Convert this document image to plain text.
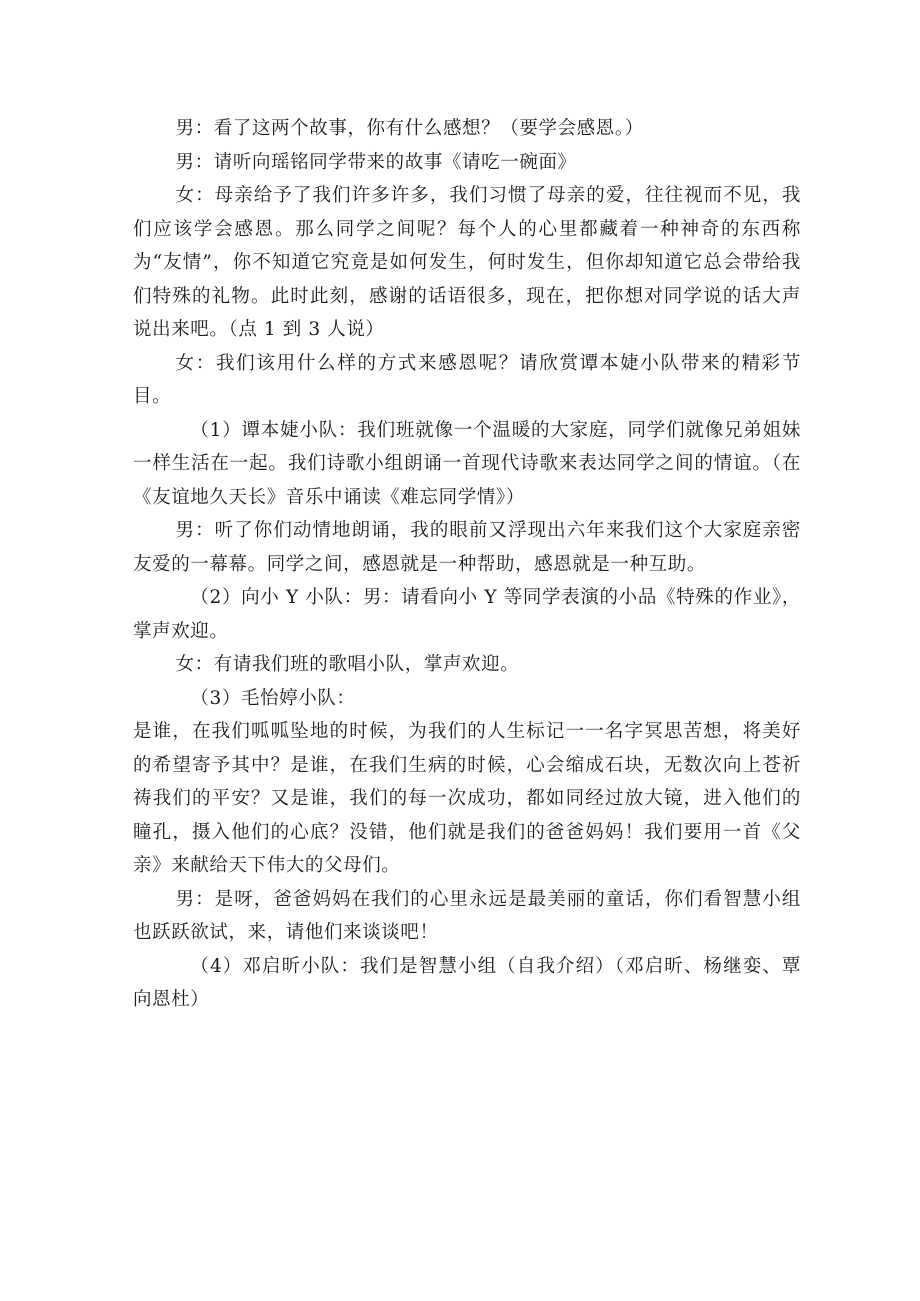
男：看了这两个故事，你有什么感想？（要学会感恩。）

男：请听向瑶铭同学带来的故事《请吃一碗面》

女：母亲给予了我们许多许多，我们习惯了母亲的爱，往往视而不见，我们应该学会感恩。那么同学之间呢？每个人的心里都藏着一种神奇的东西称为“友情”，你不知道它究竟是如何发生，何时发生，但你却知道它总会带给我们特殊的礼物。此时此刻，感谢的话语很多，现在，把你想对同学说的话大声说出来吧。（点 1 到 3 人说）

女：我们该用什么样的方式来感恩呢？请欣赏谭本婕小队带来的精彩节目。

（1）谭本婕小队：我们班就像一个温暖的大家庭，同学们就像兄弟姐妹一样生活在一起。我们诗歌小组朗诵一首现代诗歌来表达同学之间的情谊。（在《友谊地久天长》音乐中诵读《难忘同学情》）

男：听了你们动情地朗诵，我的眼前又浮现出六年来我们这个大家庭亲密友爱的一幕幕。同学之间，感恩就是一种帮助，感恩就是一种互助。

（2）向小 Y 小队：男：请看向小 Y 等同学表演的小品《特殊的作业》，掌声欢迎。

女：有请我们班的歌唱小队，掌声欢迎。

（3）毛怡婷小队：

是谁，在我们呱呱坠地的时候，为我们的人生标记一一名字冥思苦想，将美好的希望寄予其中？是谁，在我们生病的时候，心会缩成石块，无数次向上苍祈祷我们的平安？又是谁，我们的每一次成功，都如同经过放大镜，进入他们的瞳孔，摄入他们的心底？没错，他们就是我们的爸爸妈妈！我们要用一首《父亲》来献给天下伟大的父母们。

男：是呀，爸爸妈妈在我们的心里永远是最美丽的童话，你们看智慧小组也跃跃欲试，来，请他们来谈谈吧！

（4）邓启昕小队：我们是智慧小组（自我介绍）（邓启昕、杨继娈、覃向恩杜）
